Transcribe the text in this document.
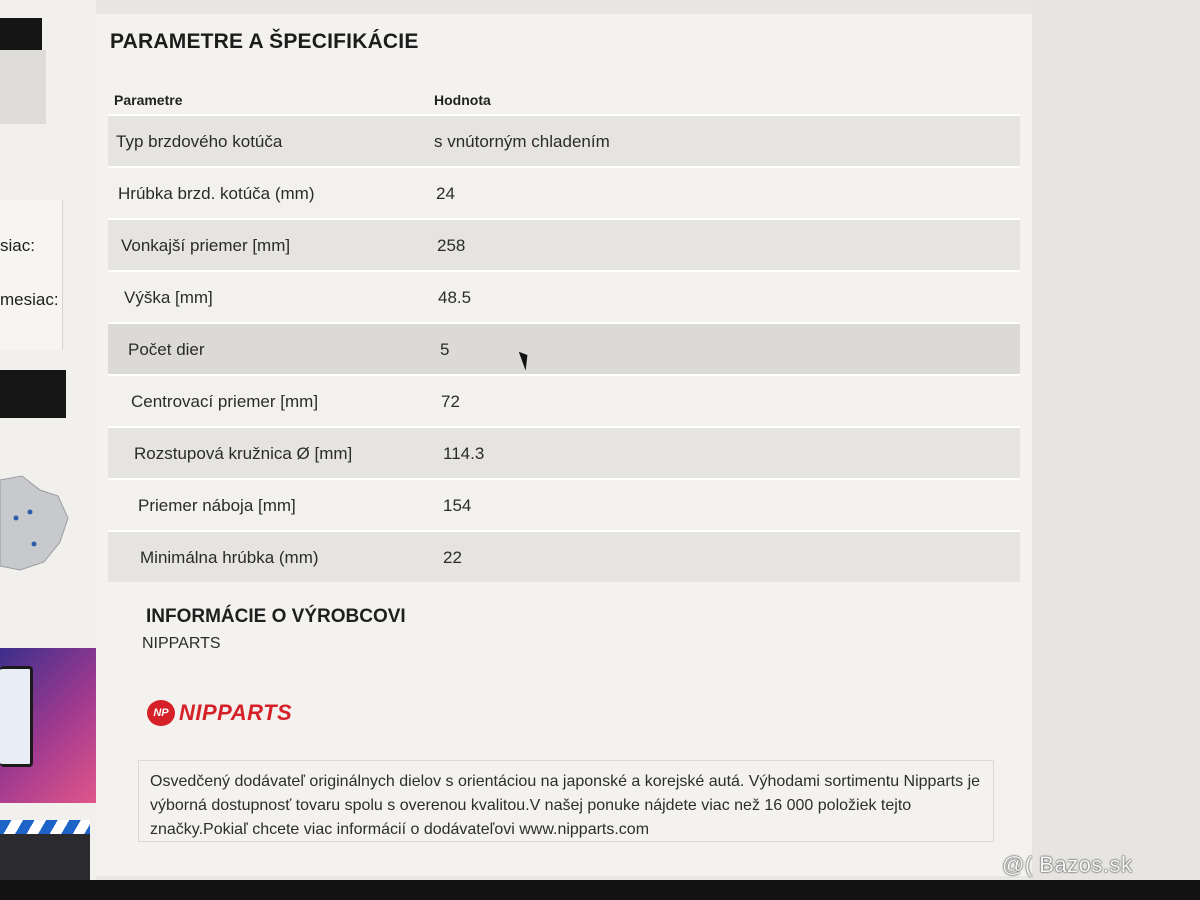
siac:
mesiac:
PARAMETRE A ŠPECIFIKÁCIE
Parametre	Hodnota
Typ brzdového kotúča	s vnútorným chladením
Hrúbka brzd. kotúča (mm)	24
Vonkajší priemer [mm]	258
Výška [mm]	48.5
Počet dier	5
Centrovací priemer [mm]	72
Rozstupová kružnica Ø [mm]	114.3
Priemer náboja [mm]	154
Minimálna hrúbka (mm)	22
INFORMÁCIE O VÝROBCOVI
NIPPARTS
NP NIPPARTS
Osvedčený dodávateľ originálnych dielov s orientáciou na japonské a korejské autá. Výhodami sortimentu Nipparts je výborná dostupnosť tovaru spolu s overenou kvalitou.V našej ponuke nájdete viac než 16 000 položiek tejto značky.Pokiaľ chcete viac informácií o dodávateľovi www.nipparts.com
@( Bazos.sk
